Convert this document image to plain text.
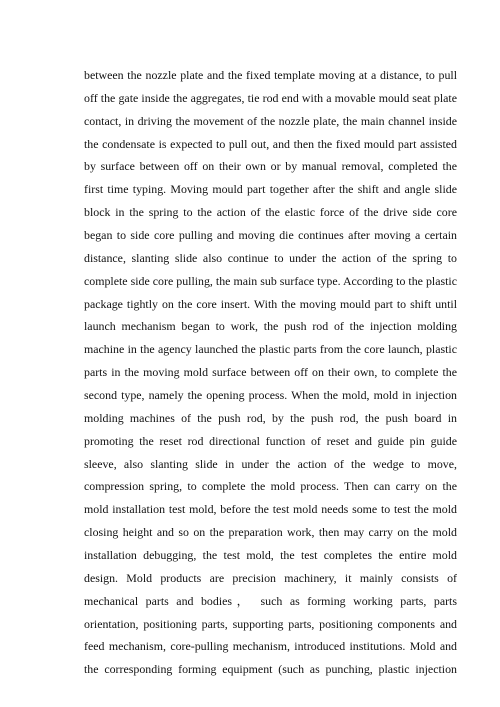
between the nozzle plate and the fixed template moving at a distance, to pull
off the gate inside the aggregates, tie rod end with a movable mould seat plate
contact, in driving the movement of the nozzle plate, the main channel inside
the condensate is expected to pull out, and then the fixed mould part assisted
by surface between off on their own or by manual removal, completed the
first time typing. Moving mould part together after the shift and angle slide
block in the spring to the action of the elastic force of the drive side core
began to side core pulling and moving die continues after moving a certain
distance, slanting slide also continue to under the action of the spring to
complete side core pulling, the main sub surface type. According to the plastic
package tightly on the core insert. With the moving mould part to shift until
launch mechanism began to work, the push rod of the injection molding
machine in the agency launched the plastic parts from the core launch, plastic
parts in the moving mold surface between off on their own, to complete the
second type, namely the opening process. When the mold, mold in injection
molding machines of the push rod, by the push rod, the push board in
promoting the reset rod directional function of reset and guide pin guide
sleeve, also slanting slide in under the action of the wedge to move,
compression spring, to complete the mold process. Then can carry on the
mold installation test mold, before the test mold needs some to test the mold
closing height and so on the preparation work, then may carry on the mold
installation debugging, the test mold, the test completes the entire mold
design. Mold products are precision machinery, it mainly consists of
mechanical parts and bodies， such as forming working parts, parts
orientation, positioning parts, supporting parts, positioning components and
feed mechanism, core-pulling mechanism, introduced institutions. Mold and
the corresponding forming equipment (such as punching, plastic injection
